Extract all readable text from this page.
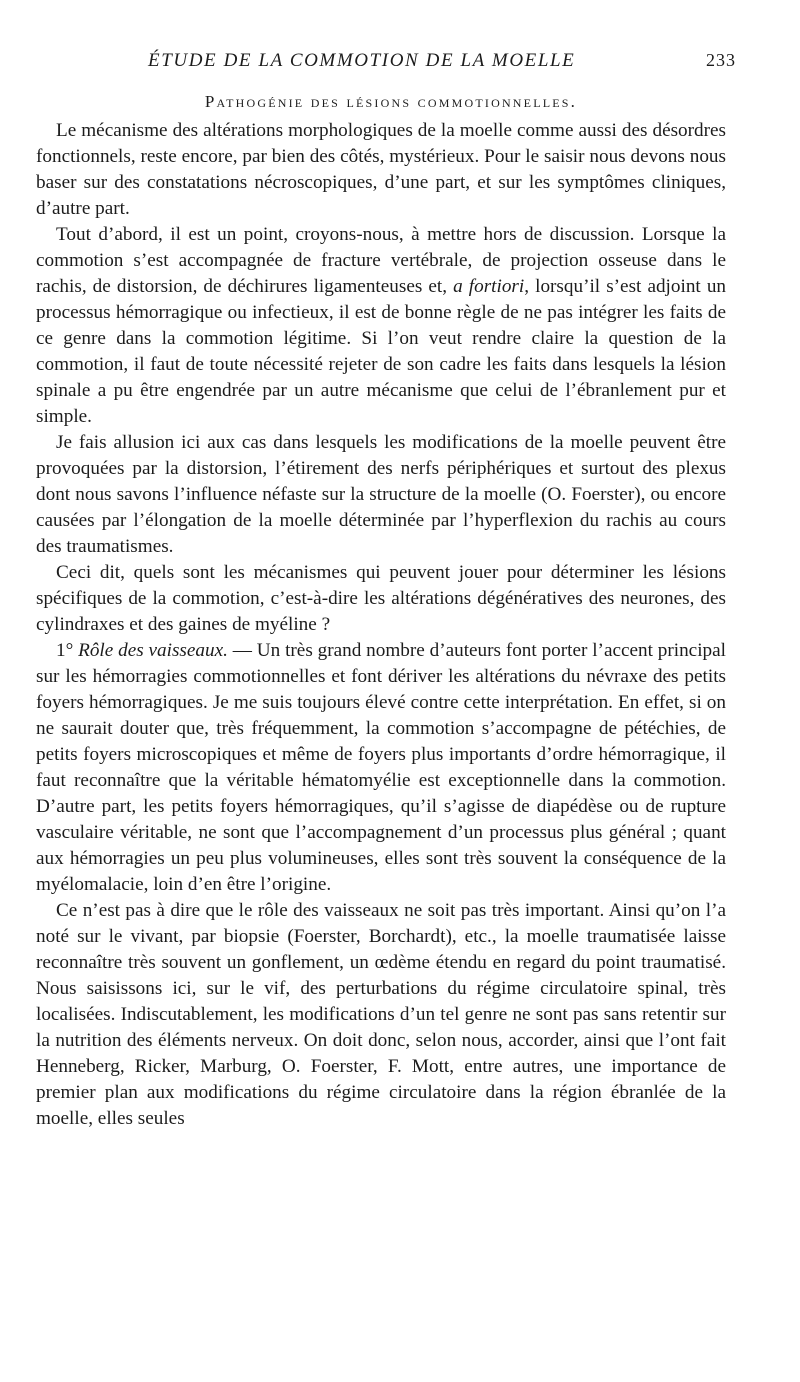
ÉTUDE DE LA COMMOTION DE LA MOELLE	233
Pathogénie des lésions commotionnelles.

Le mécanisme des altérations morphologiques de la moelle comme aussi des désordres fonctionnels, reste encore, par bien des côtés, mystérieux. Pour le saisir nous devons nous baser sur des constatations nécroscopiques, d’une part, et sur les symptômes cliniques, d’autre part.

Tout d’abord, il est un point, croyons-nous, à mettre hors de discussion. Lorsque la commotion s’est accompagnée de fracture vertébrale, de projection osseuse dans le rachis, de distorsion, de déchirures ligamenteuses et, a fortiori, lorsqu’il s’est adjoint un processus hémorragique ou infectieux, il est de bonne règle de ne pas intégrer les faits de ce genre dans la commotion légitime. Si l’on veut rendre claire la question de la commotion, il faut de toute nécessité rejeter de son cadre les faits dans lesquels la lésion spinale a pu être engendrée par un autre mécanisme que celui de l’ébranlement pur et simple.

Je fais allusion ici aux cas dans lesquels les modifications de la moelle peuvent être provoquées par la distorsion, l’étirement des nerfs périphériques et surtout des plexus dont nous savons l’influence néfaste sur la structure de la moelle (O. Foerster), ou encore causées par l’élongation de la moelle déterminée par l’hyperflexion du rachis au cours des traumatismes.

Ceci dit, quels sont les mécanismes qui peuvent jouer pour déterminer les lésions spécifiques de la commotion, c’est-à-dire les altérations dégénératives des neurones, des cylindraxes et des gaines de myéline ?

1° Rôle des vaisseaux. — Un très grand nombre d’auteurs font porter l’accent principal sur les hémorragies commotionnelles et font dériver les altérations du névraxe des petits foyers hémorragiques. Je me suis toujours élevé contre cette interprétation. En effet, si on ne saurait douter que, très fréquemment, la commotion s’accompagne de pétéchies, de petits foyers microscopiques et même de foyers plus importants d’ordre hémorragique, il faut reconnaître que la véritable hématomyélie est exceptionnelle dans la commotion. D’autre part, les petits foyers hémorragiques, qu’il s’agisse de diapédèse ou de rupture vasculaire véritable, ne sont que l’accompagnement d’un processus plus général ; quant aux hémorragies un peu plus volumineuses, elles sont très souvent la conséquence de la myélomalacie, loin d’en être l’origine.

Ce n’est pas à dire que le rôle des vaisseaux ne soit pas très important. Ainsi qu’on l’a noté sur le vivant, par biopsie (Foerster, Borchardt), etc., la moelle traumatisée laisse reconnaître très souvent un gonflement, un œdème étendu en regard du point traumatisé. Nous saisissons ici, sur le vif, des perturbations du régime circulatoire spinal, très localisées. Indiscutablement, les modifications d’un tel genre ne sont pas sans retentir sur la nutrition des éléments nerveux. On doit donc, selon nous, accorder, ainsi que l’ont fait Henneberg, Ricker, Marburg, O. Foerster, F. Mott, entre autres, une importance de premier plan aux modifications du régime circulatoire dans la région ébranlée de la moelle, elles seules
